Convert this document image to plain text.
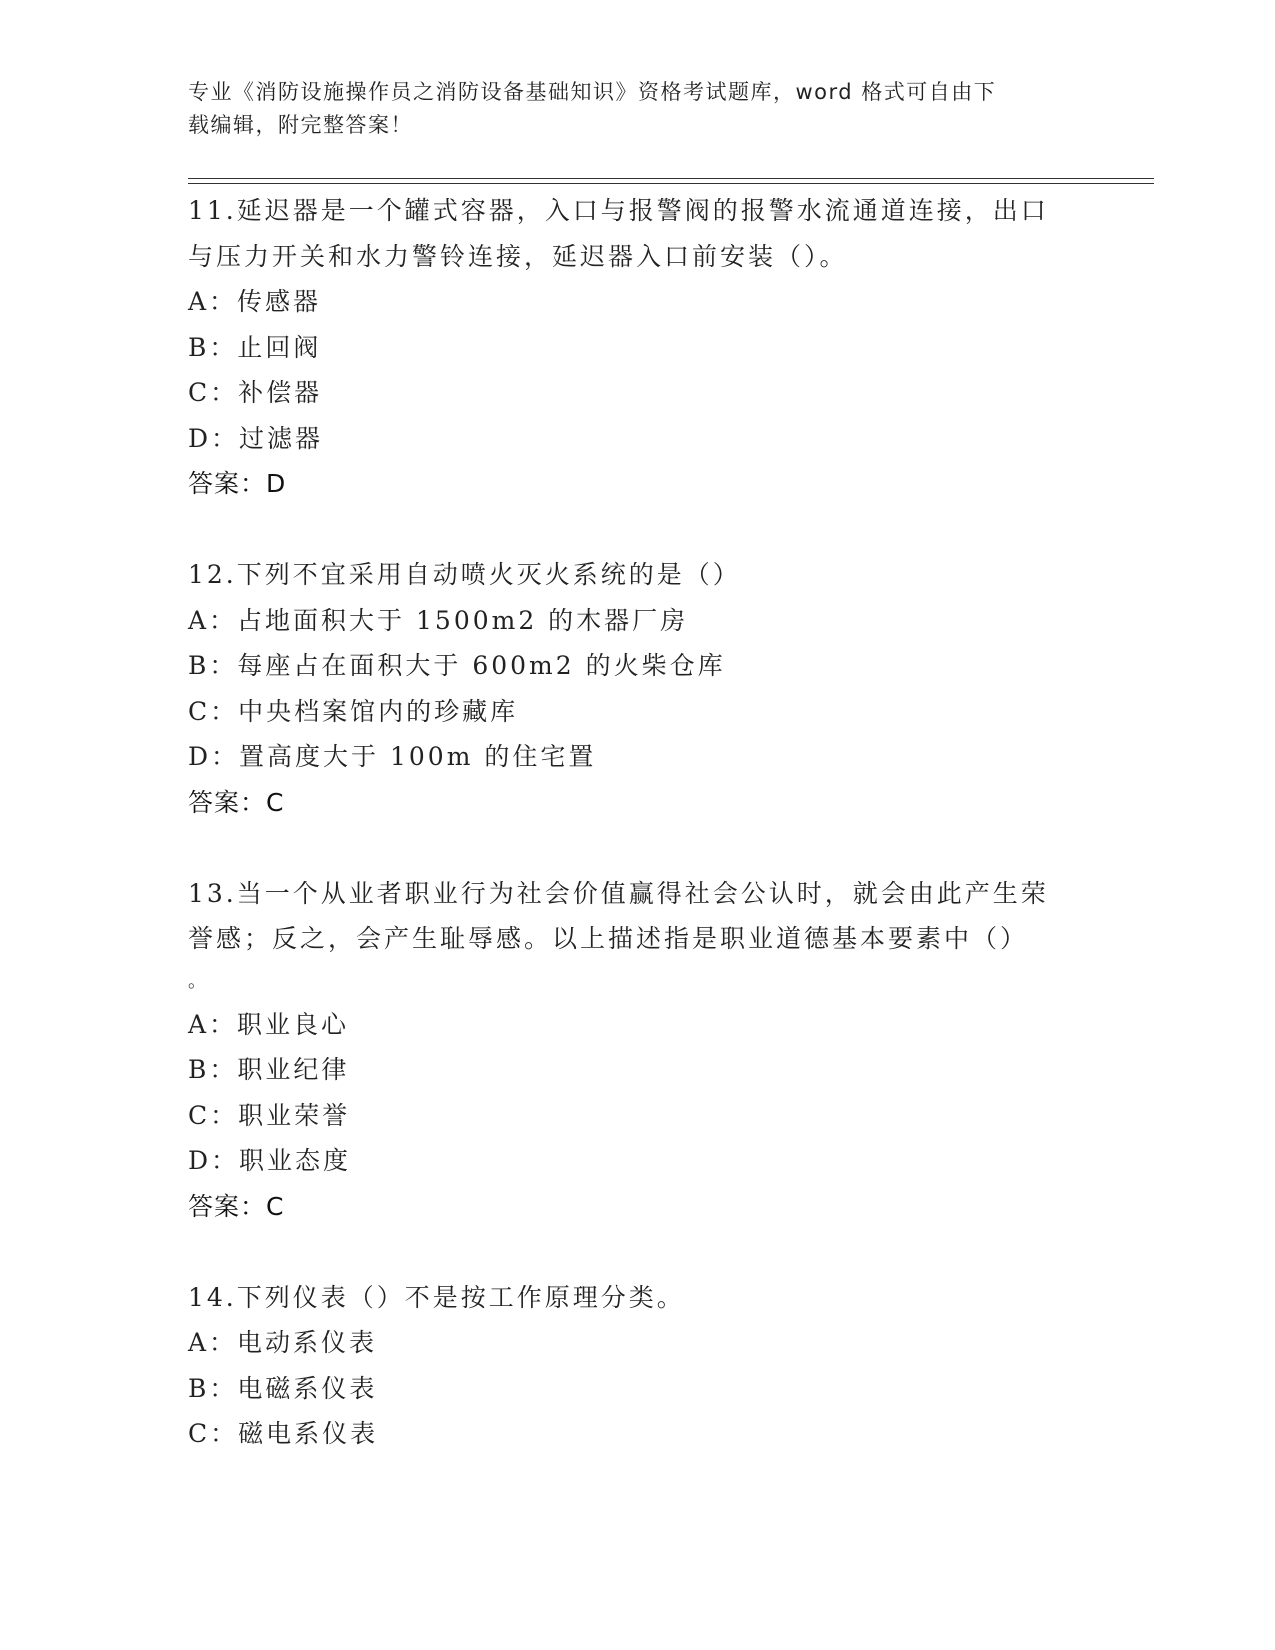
专业《消防设施操作员之消防设备基础知识》资格考试题库，word 格式可自由下
载编辑，附完整答案！

11.延迟器是一个罐式容器，入口与报警阀的报警水流通道连接，出口

与压力开关和水力警铃连接，延迟器入口前安装（）。

A：传感器

B：止回阀

C：补偿器

D：过滤器

答案：D

12.下列不宜采用自动喷火灭火系统的是（）

A：占地面积大于 1500m2 的木器厂房

B：每座占在面积大于 600m2 的火柴仓库

C：中央档案馆内的珍藏库

D：置高度大于 100m 的住宅置

答案：C

13.当一个从业者职业行为社会价值赢得社会公认时，就会由此产生荣

誉感；反之，会产生耻辱感。以上描述指是职业道德基本要素中（）

。

A：职业良心

B：职业纪律

C：职业荣誉

D：职业态度

答案：C

14.下列仪表（）不是按工作原理分类。

A：电动系仪表

B：电磁系仪表

C：磁电系仪表
